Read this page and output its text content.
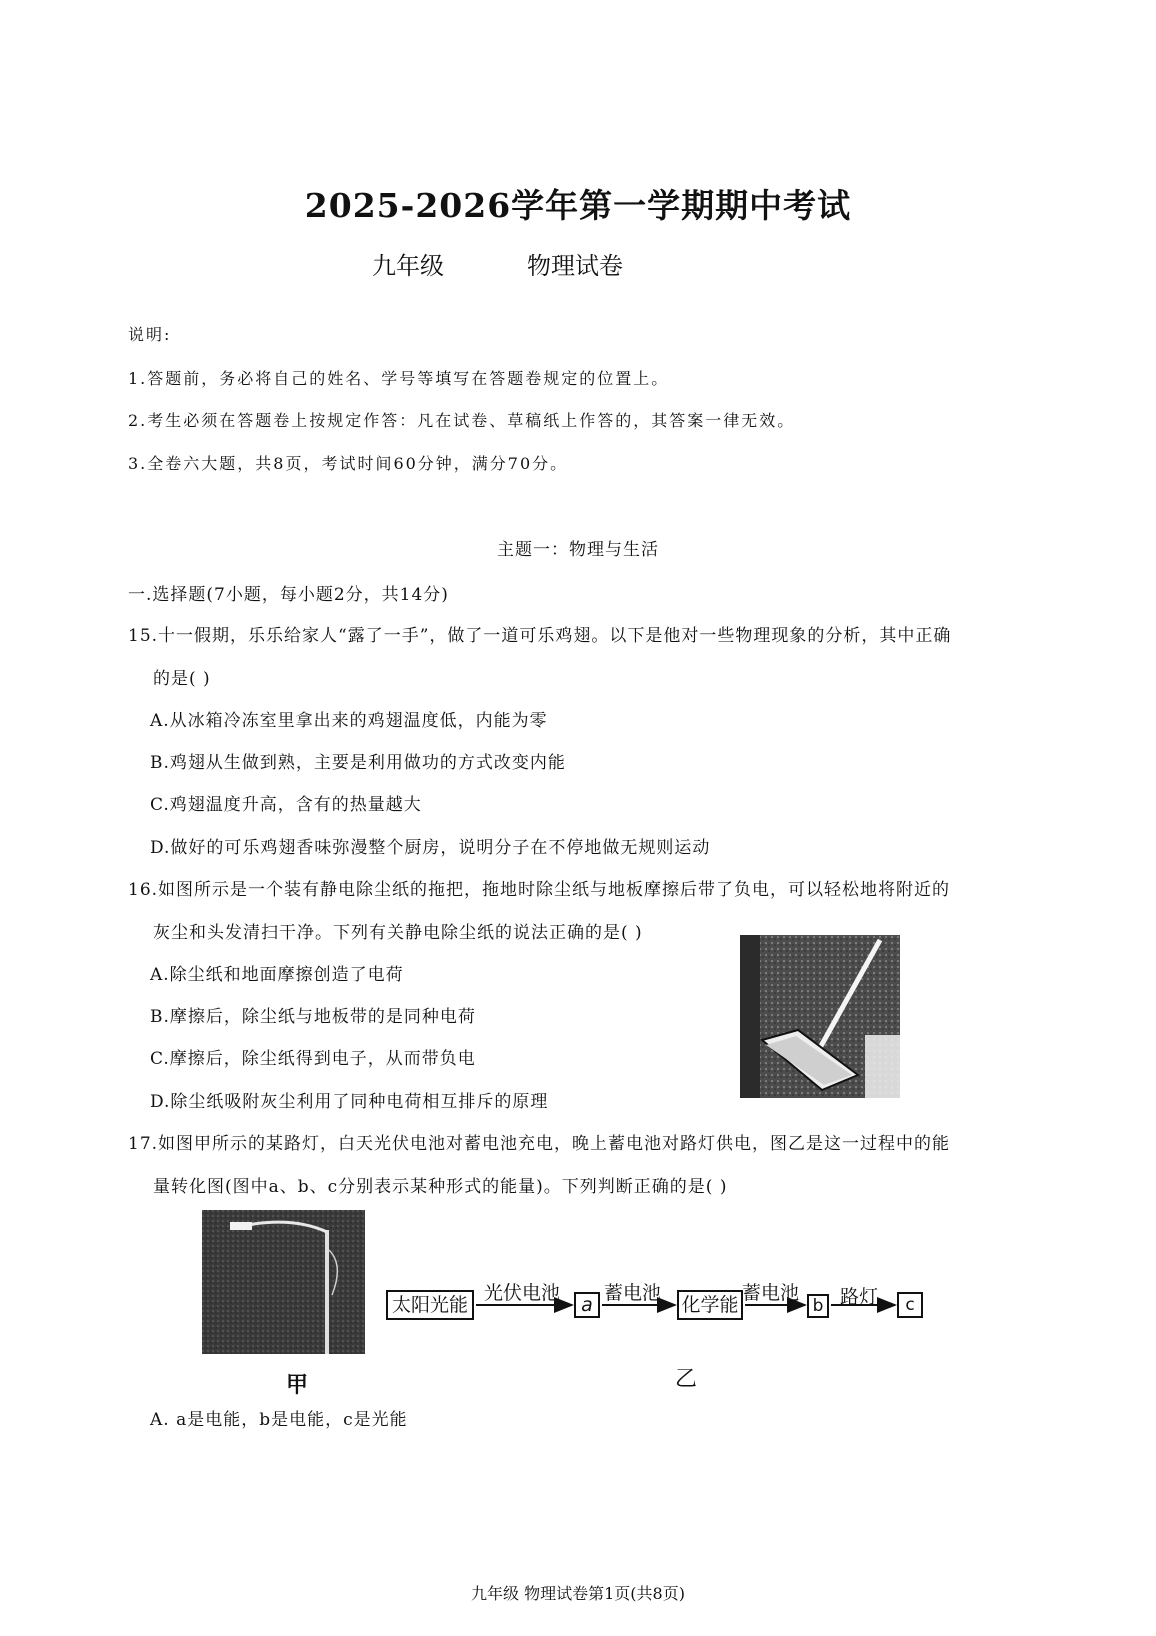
2025-2026学年第一学期期中考试
九年级	物理试卷
说明:
1.答题前，务必将自己的姓名、学号等填写在答题卷规定的位置上。
2.考生必须在答题卷上按规定作答：凡在试卷、草稿纸上作答的，其答案一律无效。
3.全卷六大题，共8页，考试时间60分钟，满分70分。
主题一：物理与生活
一.选择题(7小题，每小题2分，共14分)
15.十一假期，乐乐给家人“露了一手”，做了一道可乐鸡翅。以下是他对一些物理现象的分析，其中正确
的是( )
A.从冰箱冷冻室里拿出来的鸡翅温度低，内能为零
B.鸡翅从生做到熟，主要是利用做功的方式改变内能
C.鸡翅温度升高，含有的热量越大
D.做好的可乐鸡翅香味弥漫整个厨房，说明分子在不停地做无规则运动
16.如图所示是一个装有静电除尘纸的拖把，拖地时除尘纸与地板摩擦后带了负电，可以轻松地将附近的
灰尘和头发清扫干净。下列有关静电除尘纸的说法正确的是( )
A.除尘纸和地面摩擦创造了电荷
B.摩擦后，除尘纸与地板带的是同种电荷
C.摩擦后，除尘纸得到电子，从而带负电
D.除尘纸吸附灰尘利用了同种电荷相互排斥的原理
17.如图甲所示的某路灯，白天光伏电池对蓄电池充电，晚上蓄电池对路灯供电，图乙是这一过程中的能
量转化图(图中a、b、c分别表示某种形式的能量)。下列判断正确的是( )
甲
太阳光能	a	化学能	b	c
光伏电池 蓄电池	蓄电池 路灯
乙
A. a是电能，b是电能，c是光能
九年级 物理试卷第1页(共8页)
